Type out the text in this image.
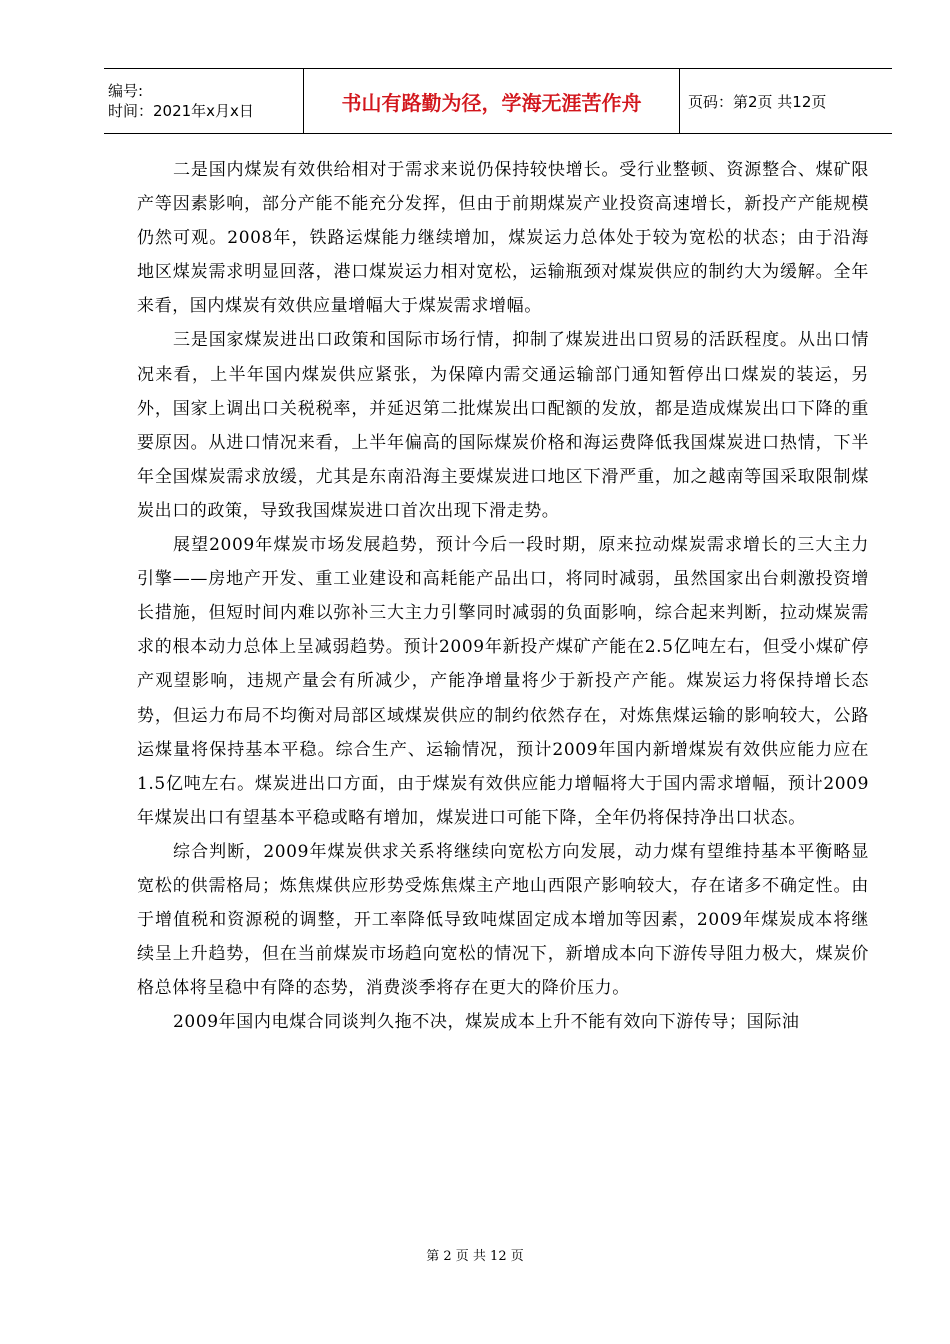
编号:
时间：2021年x月x日	书山有路勤为径，学海无涯苦作舟	页码：第2页 共12页

二是国内煤炭有效供给相对于需求来说仍保持较快增长。受行业整顿、资源整合、煤矿限产等因素影响，部分产能不能充分发挥，但由于前期煤炭产业投资高速增长，新投产产能规模仍然可观。2008年，铁路运煤能力继续增加，煤炭运力总体处于较为宽松的状态；由于沿海地区煤炭需求明显回落，港口煤炭运力相对宽松，运输瓶颈对煤炭供应的制约大为缓解。全年来看，国内煤炭有效供应量增幅大于煤炭需求增幅。

三是国家煤炭进出口政策和国际市场行情，抑制了煤炭进出口贸易的活跃程度。从出口情况来看，上半年国内煤炭供应紧张，为保障内需交通运输部门通知暂停出口煤炭的装运，另外，国家上调出口关税税率，并延迟第二批煤炭出口配额的发放，都是造成煤炭出口下降的重要原因。从进口情况来看，上半年偏高的国际煤炭价格和海运费降低我国煤炭进口热情，下半年全国煤炭需求放缓，尤其是东南沿海主要煤炭进口地区下滑严重，加之越南等国采取限制煤炭出口的政策，导致我国煤炭进口首次出现下滑走势。

展望2009年煤炭市场发展趋势，预计今后一段时期，原来拉动煤炭需求增长的三大主力引擎——房地产开发、重工业建设和高耗能产品出口，将同时减弱，虽然国家出台刺激投资增长措施，但短时间内难以弥补三大主力引擎同时减弱的负面影响，综合起来判断，拉动煤炭需求的根本动力总体上呈减弱趋势。预计2009年新投产煤矿产能在2.5亿吨左右，但受小煤矿停产观望影响，违规产量会有所减少，产能净增量将少于新投产产能。煤炭运力将保持增长态势，但运力布局不均衡对局部区域煤炭供应的制约依然存在，对炼焦煤运输的影响较大，公路运煤量将保持基本平稳。综合生产、运输情况，预计2009年国内新增煤炭有效供应能力应在1.5亿吨左右。煤炭进出口方面，由于煤炭有效供应能力增幅将大于国内需求增幅，预计2009年煤炭出口有望基本平稳或略有增加，煤炭进口可能下降，全年仍将保持净出口状态。

综合判断，2009年煤炭供求关系将继续向宽松方向发展，动力煤有望维持基本平衡略显宽松的供需格局；炼焦煤供应形势受炼焦煤主产地山西限产影响较大，存在诸多不确定性。由于增值税和资源税的调整，开工率降低导致吨煤固定成本增加等因素，2009年煤炭成本将继续呈上升趋势，但在当前煤炭市场趋向宽松的情况下，新增成本向下游传导阻力极大，煤炭价格总体将呈稳中有降的态势，消费淡季将存在更大的降价压力。

2009年国内电煤合同谈判久拖不决，煤炭成本上升不能有效向下游传导；国际油

第 2 页 共 12 页
